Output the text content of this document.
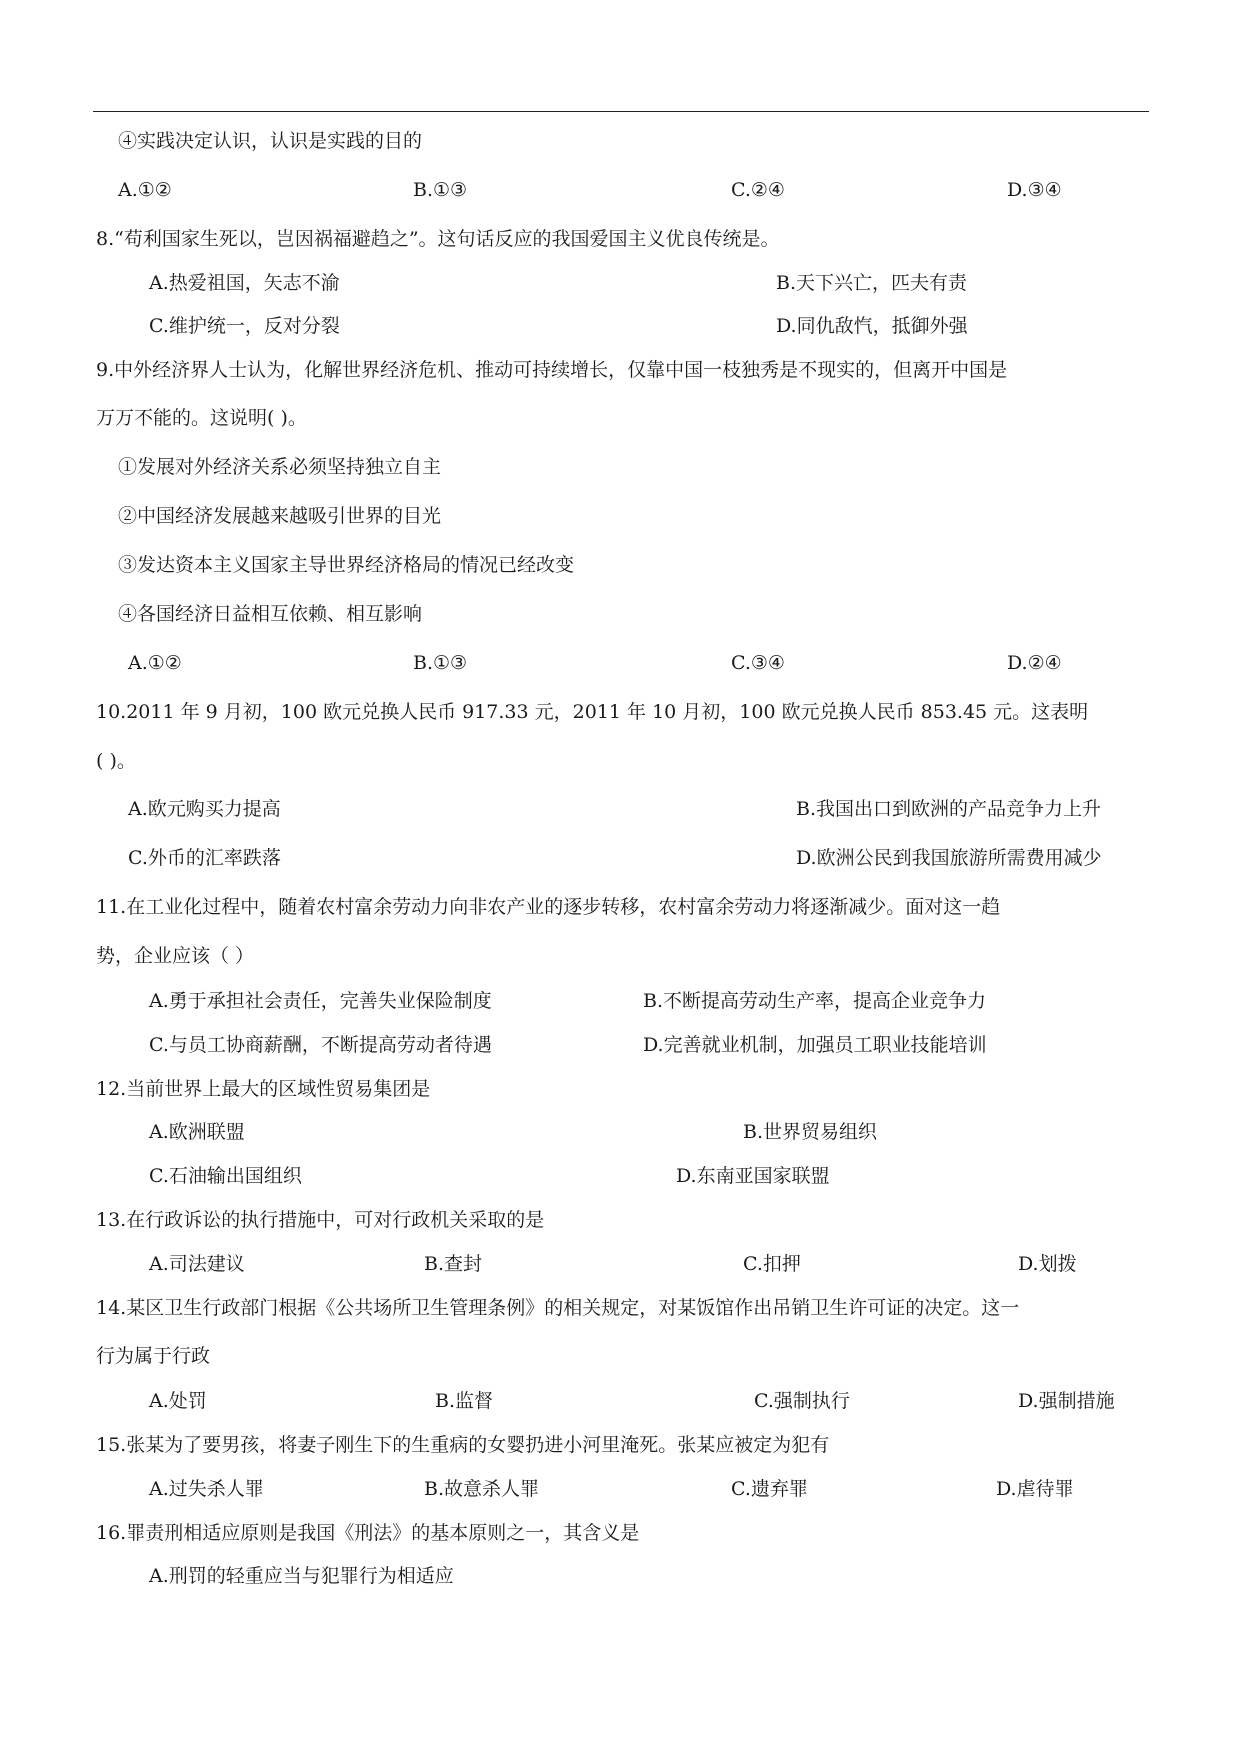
④实践决定认识，认识是实践的目的
A.①②	B.①③	C.②④	D.③④
8.“苟利国家生死以，岂因祸福避趋之”。这句话反应的我国爱国主义优良传统是。
A.热爱祖国，矢志不渝	B.天下兴亡，匹夫有责
C.维护统一，反对分裂	D.同仇敌忾，抵御外强
9.中外经济界人士认为，化解世界经济危机、推动可持续增长，仅靠中国一枝独秀是不现实的，但离开中国是
万万不能的。这说明( )。
①发展对外经济关系必须坚持独立自主
②中国经济发展越来越吸引世界的目光
③发达资本主义国家主导世界经济格局的情况已经改变
④各国经济日益相互依赖、相互影响
A.①②	B.①③	C.③④	D.②④
10.2011 年 9 月初，100 欧元兑换人民币 917.33 元，2011 年 10 月初，100 欧元兑换人民币 853.45 元。这表明
( )。
A.欧元购买力提高	B.我国出口到欧洲的产品竞争力上升
C.外币的汇率跌落	D.欧洲公民到我国旅游所需费用减少
11.在工业化过程中，随着农村富余劳动力向非农产业的逐步转移，农村富余劳动力将逐渐减少。面对这一趋
势，企业应该（ ）
A.勇于承担社会责任，完善失业保险制度	B.不断提高劳动生产率，提高企业竞争力
C.与员工协商薪酬，不断提高劳动者待遇	D.完善就业机制，加强员工职业技能培训
12.当前世界上最大的区域性贸易集团是
A.欧洲联盟	B.世界贸易组织
C.石油输出国组织	D.东南亚国家联盟
13.在行政诉讼的执行措施中，可对行政机关采取的是
A.司法建议	B.查封	C.扣押	D.划拨
14.某区卫生行政部门根据《公共场所卫生管理条例》的相关规定，对某饭馆作出吊销卫生许可证的决定。这一
行为属于行政
A.处罚	B.监督	C.强制执行	D.强制措施
15.张某为了要男孩，将妻子刚生下的生重病的女婴扔进小河里淹死。张某应被定为犯有
A.过失杀人罪	B.故意杀人罪	C.遗弃罪	D.虐待罪
16.罪责刑相适应原则是我国《刑法》的基本原则之一，其含义是
A.刑罚的轻重应当与犯罪行为相适应
